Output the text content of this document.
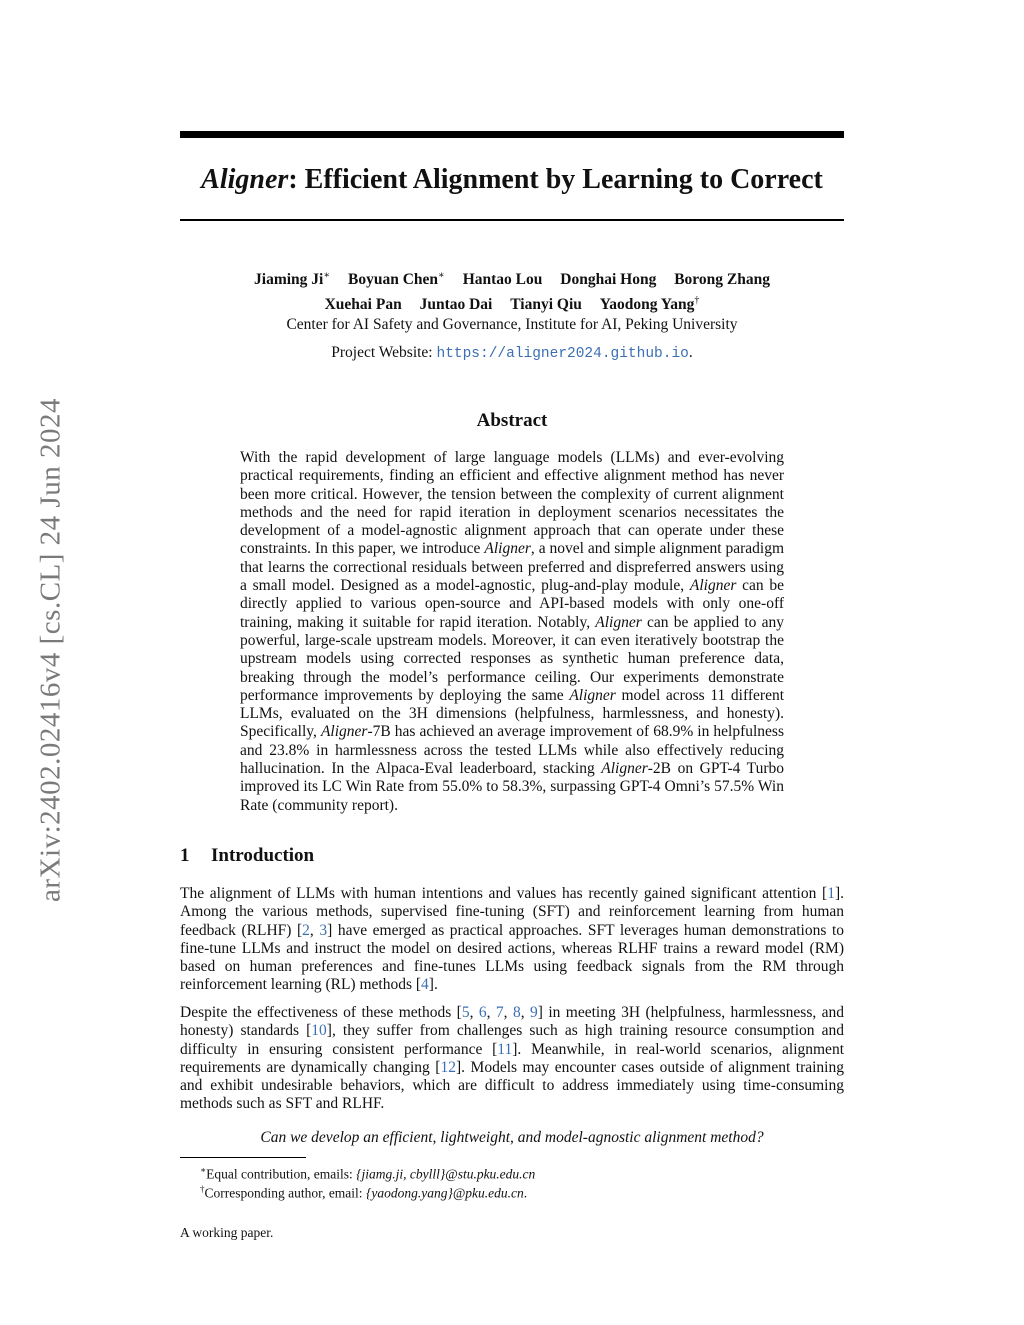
arXiv:2402.02416v4 [cs.CL] 24 Jun 2024
Aligner: Efficient Alignment by Learning to Correct
Jiaming Ji∗ Boyuan Chen∗ Hantao Lou Donghai Hong Borong Zhang
Xuehai Pan Juntao Dai Tianyi Qiu Yaodong Yang†
Center for AI Safety and Governance, Institute for AI, Peking University
Project Website: https://aligner2024.github.io.
Abstract

With the rapid development of large language models (LLMs) and ever-evolving practical requirements, finding an efficient and effective alignment method has never been more critical. However, the tension between the complexity of current alignment methods and the need for rapid iteration in deployment scenarios necessitates the development of a model-agnostic alignment approach that can operate under these constraints. In this paper, we introduce Aligner, a novel and simple alignment paradigm that learns the correctional residuals between preferred and dispreferred answers using a small model. Designed as a model-agnostic, plug-and-play module, Aligner can be directly applied to various open-source and API-based models with only one-off training, making it suitable for rapid iteration. Notably, Aligner can be applied to any powerful, large-scale upstream models. Moreover, it can even iteratively bootstrap the upstream models using corrected responses as synthetic human preference data, breaking through the model’s performance ceiling. Our experiments demonstrate performance improvements by deploying the same Aligner model across 11 different LLMs, evaluated on the 3H dimensions (helpfulness, harmlessness, and honesty). Specifically, Aligner-7B has achieved an average improvement of 68.9% in helpfulness and 23.8% in harmlessness across the tested LLMs while also effectively reducing hallucination. In the Alpaca-Eval leaderboard, stacking Aligner-2B on GPT-4 Turbo improved its LC Win Rate from 55.0% to 58.3%, surpassing GPT-4 Omni’s 57.5% Win Rate (community report).

1 Introduction

The alignment of LLMs with human intentions and values has recently gained significant attention [1]. Among the various methods, supervised fine-tuning (SFT) and reinforcement learning from human feedback (RLHF) [2, 3] have emerged as practical approaches. SFT leverages human demonstrations to fine-tune LLMs and instruct the model on desired actions, whereas RLHF trains a reward model (RM) based on human preferences and fine-tunes LLMs using feedback signals from the RM through reinforcement learning (RL) methods [4].

Despite the effectiveness of these methods [5, 6, 7, 8, 9] in meeting 3H (helpfulness, harmlessness, and honesty) standards [10], they suffer from challenges such as high training resource consumption and difficulty in ensuring consistent performance [11]. Meanwhile, in real-world scenarios, alignment requirements are dynamically changing [12]. Models may encounter cases outside of alignment training and exhibit undesirable behaviors, which are difficult to address immediately using time-consuming methods such as SFT and RLHF.

Can we develop an efficient, lightweight, and model-agnostic alignment method?

∗Equal contribution, emails: {jiamg.ji, cbylll}@stu.pku.edu.cn

†Corresponding author, email: {yaodong.yang}@pku.edu.cn.

A working paper.
